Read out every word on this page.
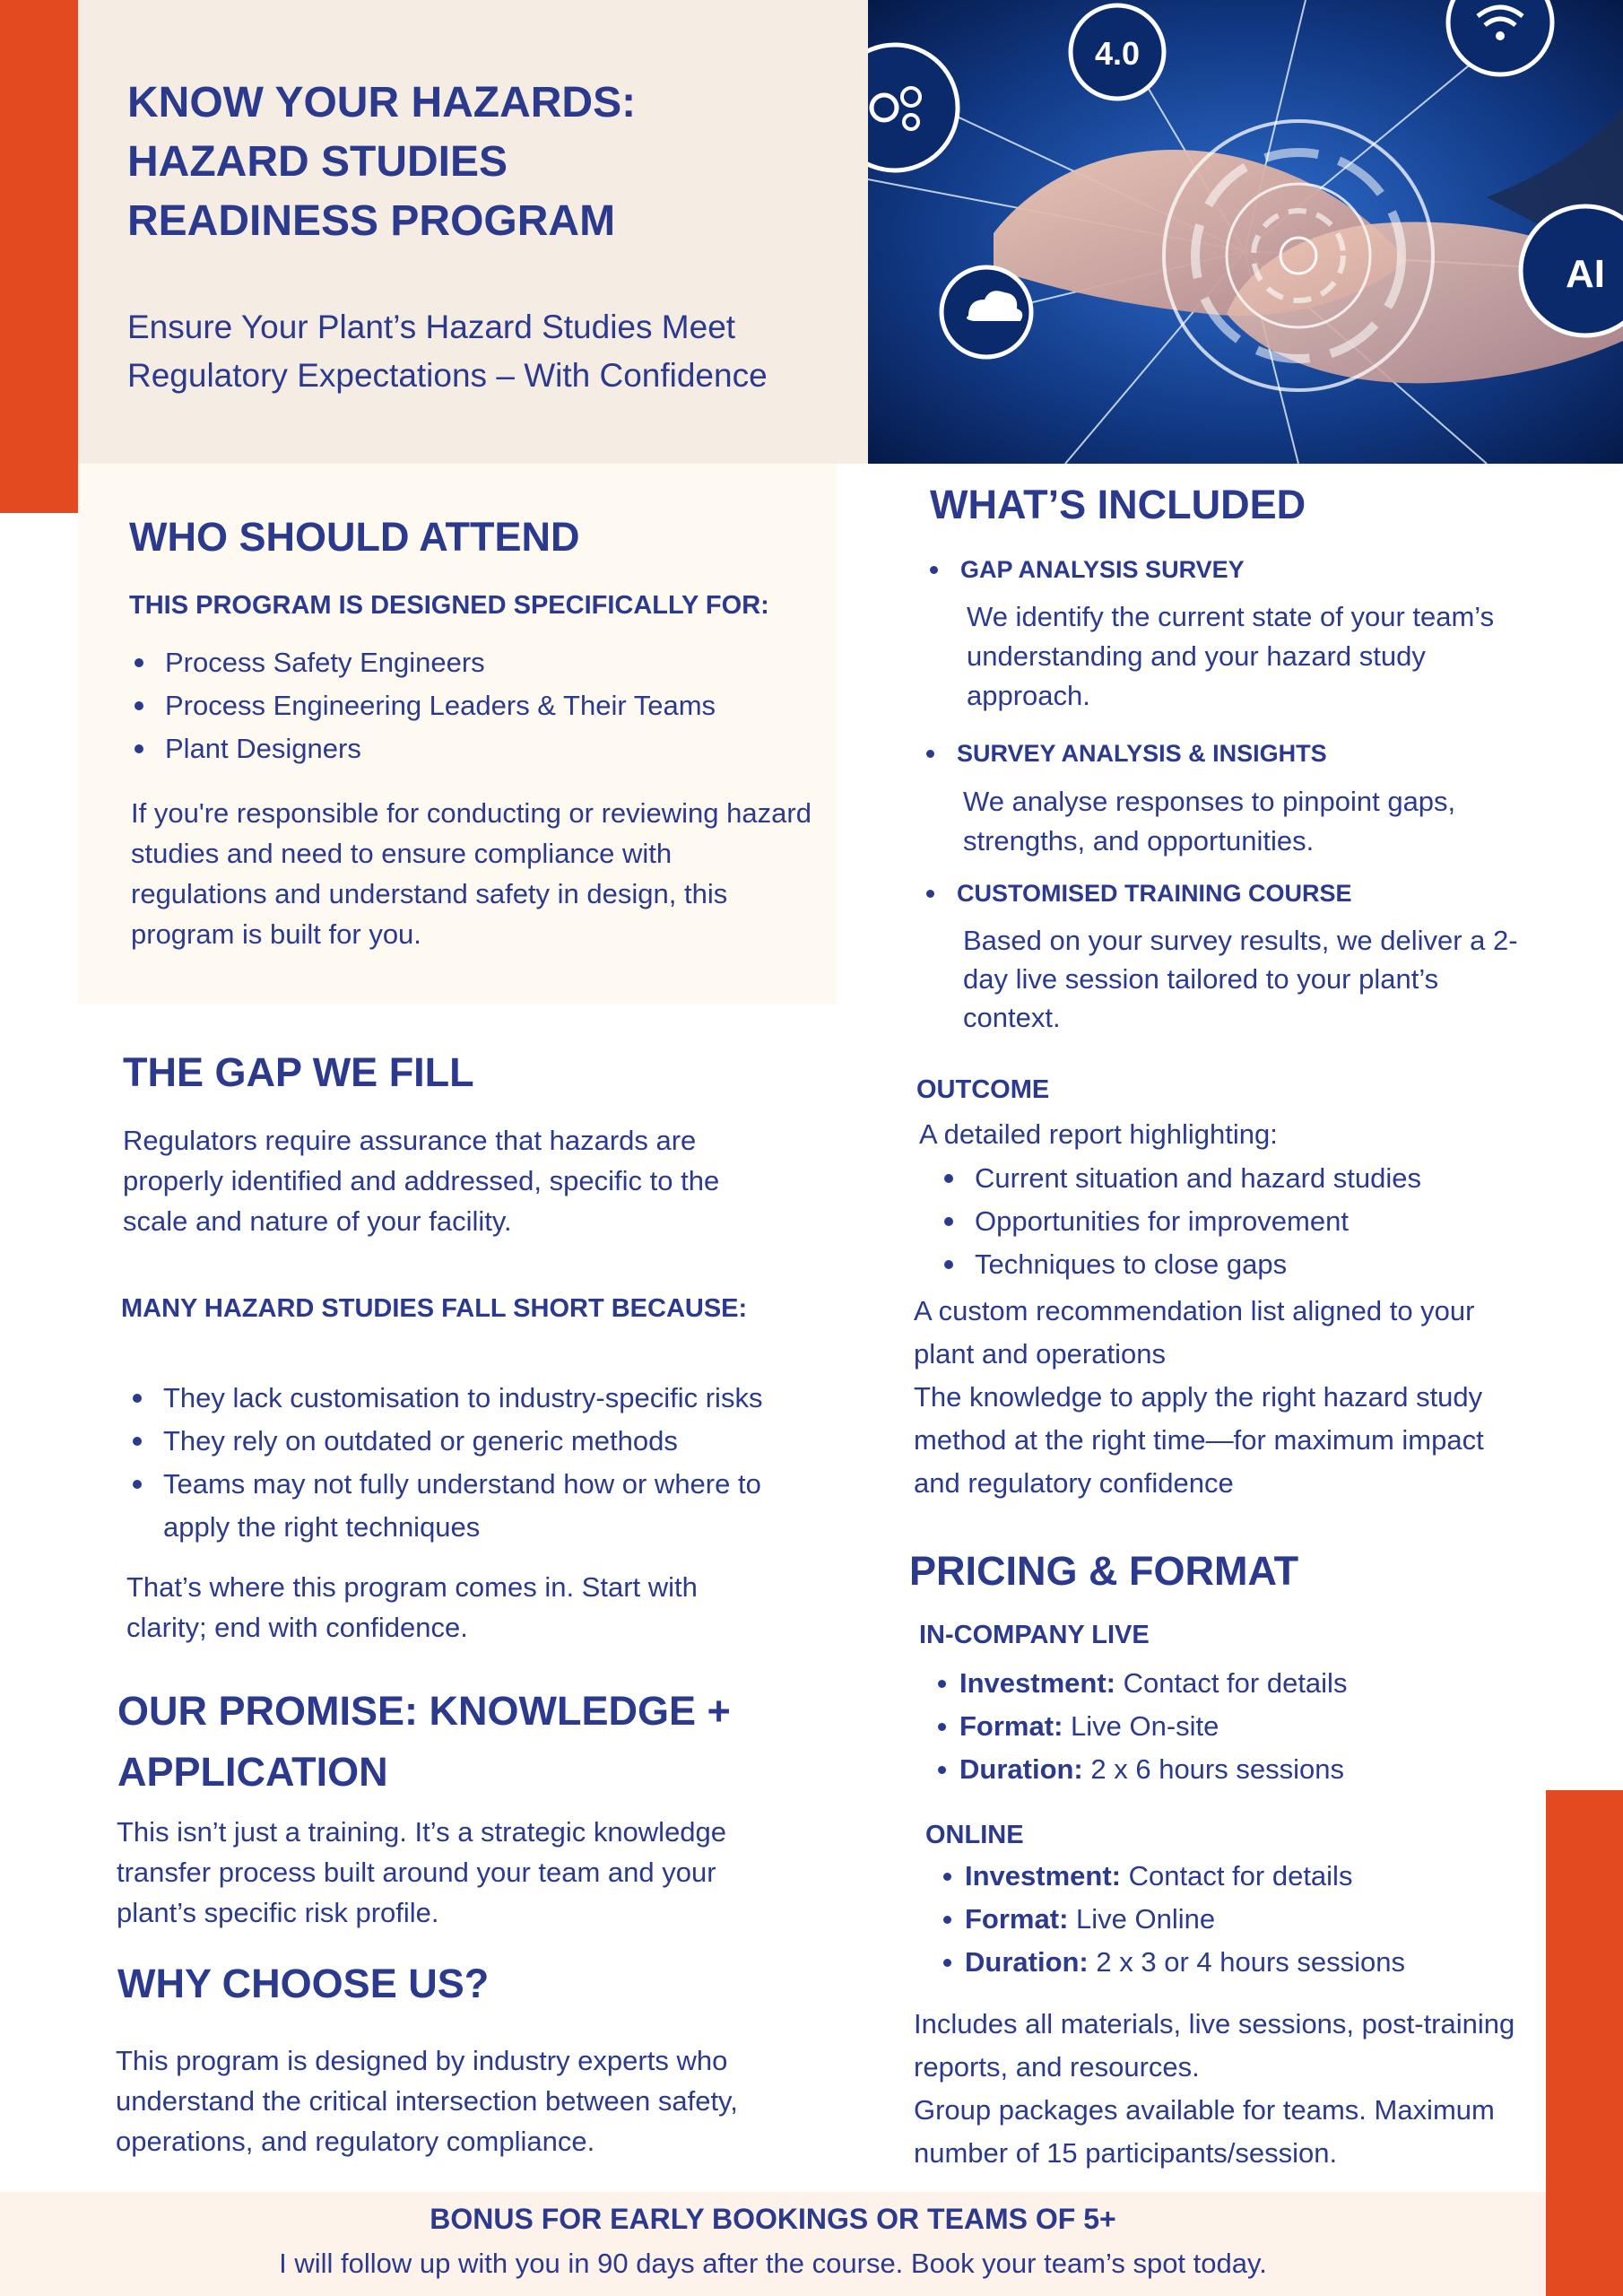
KNOW YOUR HAZARDS:
HAZARD STUDIES
READINESS PROGRAM
Ensure Your Plant’s Hazard Studies Meet
Regulatory Expectations – With Confidence
4.0
AI
WHO SHOULD ATTEND
THIS PROGRAM IS DESIGNED SPECIFICALLY FOR:
Process Safety Engineers
Process Engineering Leaders & Their Teams
Plant Designers
If you're responsible for conducting or reviewing hazard studies and need to ensure compliance with regulations and understand safety in design, this program is built for you.
THE GAP WE FILL
Regulators require assurance that hazards are properly identified and addressed, specific to the scale and nature of your facility.
MANY HAZARD STUDIES FALL SHORT BECAUSE:
They lack customisation to industry-specific risks
They rely on outdated or generic methods
Teams may not fully understand how or where to apply the right techniques
That’s where this program comes in. Start with clarity; end with confidence.
OUR PROMISE: KNOWLEDGE + APPLICATION
This isn’t just a training. It’s a strategic knowledge transfer process built around your team and your plant’s specific risk profile.
WHY CHOOSE US?
This program is designed by industry experts who understand the critical intersection between safety, operations, and regulatory compliance.
WHAT’S INCLUDED
GAP ANALYSIS SURVEY
We identify the current state of your team’s understanding and your hazard study approach.
SURVEY ANALYSIS & INSIGHTS
We analyse responses to pinpoint gaps, strengths, and opportunities.
CUSTOMISED TRAINING COURSE
Based on your survey results, we deliver a 2-day live session tailored to your plant’s context.
OUTCOME
A detailed report highlighting:
Current situation and hazard studies
Opportunities for improvement
Techniques to close gaps
A custom recommendation list aligned to your plant and operations
The knowledge to apply the right hazard study method at the right time—for maximum impact and regulatory confidence
PRICING & FORMAT
IN-COMPANY LIVE
Investment: Contact for details
Format: Live On-site
Duration: 2 x 6 hours sessions
ONLINE
Investment: Contact for details
Format: Live Online
Duration: 2 x 3 or 4 hours sessions
Includes all materials, live sessions, post-training reports, and resources.
Group packages available for teams. Maximum number of 15 participants/session.
BONUS FOR EARLY BOOKINGS OR TEAMS OF 5+
I will follow up with you in 90 days after the course. Book your team’s spot today.
